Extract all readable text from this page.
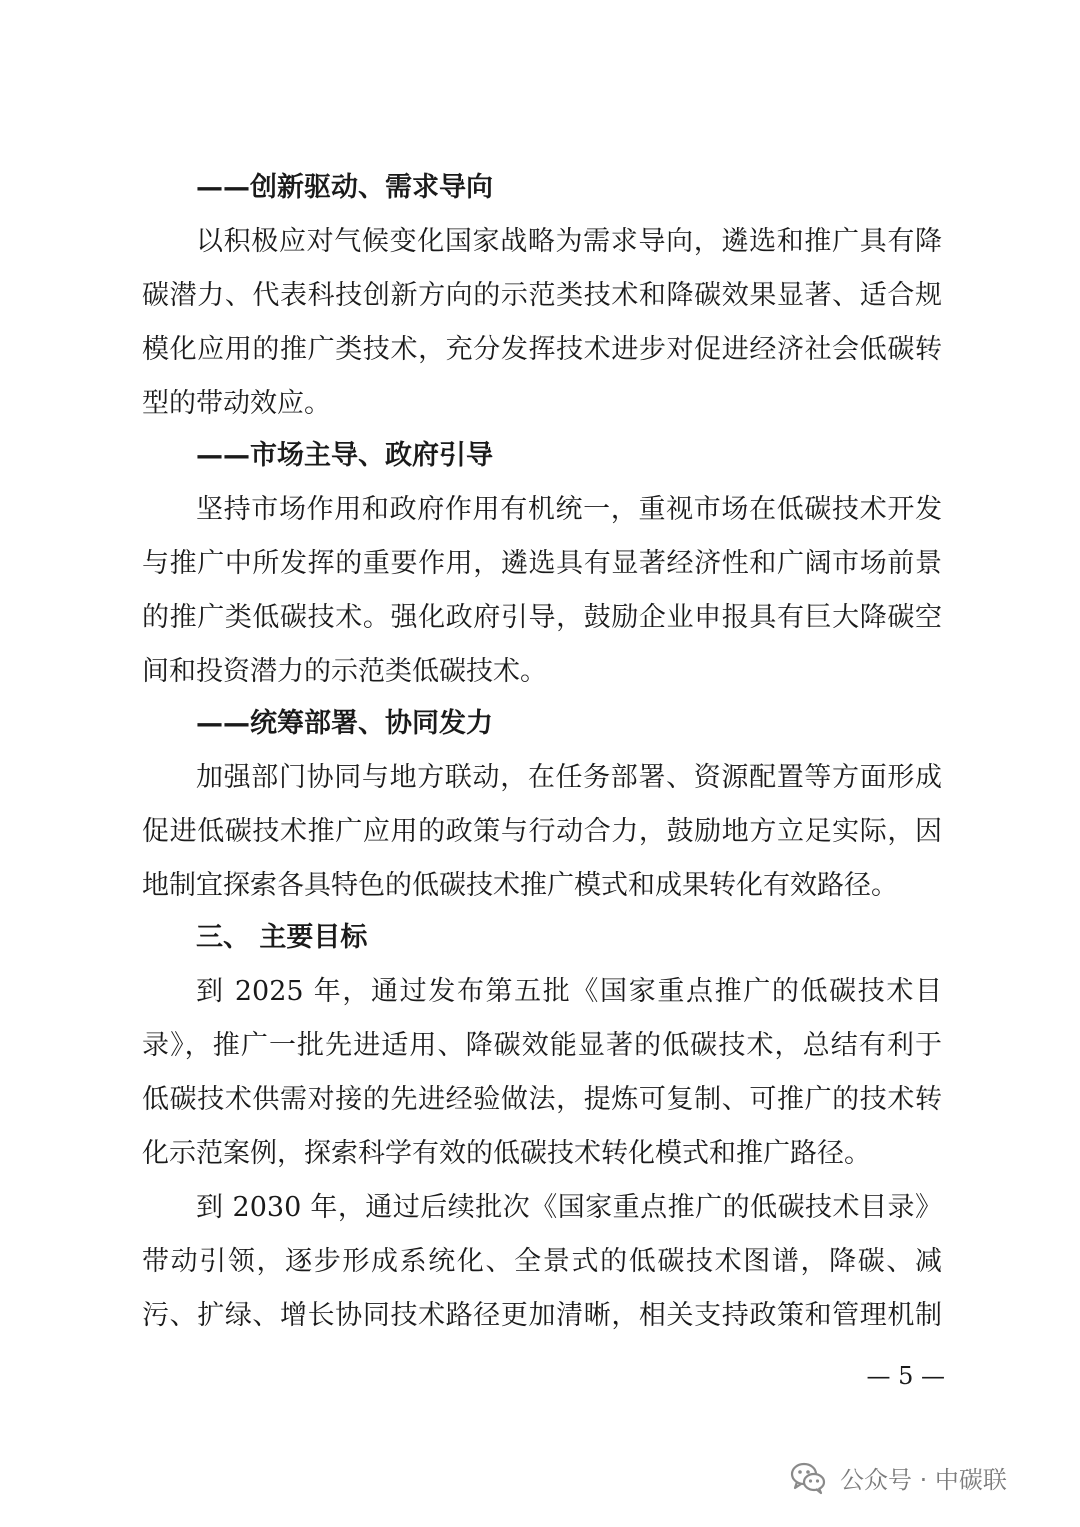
——创新驱动、需求导向
以积极应对气候变化国家战略为需求导向，遴选和推广具有降
碳潜力、代表科技创新方向的示范类技术和降碳效果显著、适合规
模化应用的推广类技术，充分发挥技术进步对促进经济社会低碳转
型的带动效应。
——市场主导、政府引导
坚持市场作用和政府作用有机统一，重视市场在低碳技术开发
与推广中所发挥的重要作用，遴选具有显著经济性和广阔市场前景
的推广类低碳技术。强化政府引导，鼓励企业申报具有巨大降碳空
间和投资潜力的示范类低碳技术。
——统筹部署、协同发力
加强部门协同与地方联动，在任务部署、资源配置等方面形成
促进低碳技术推广应用的政策与行动合力，鼓励地方立足实际，因
地制宜探索各具特色的低碳技术推广模式和成果转化有效路径。
三、 主要目标
到 2025 年，通过发布第五批《国家重点推广的低碳技术目
录》，推广一批先进适用、降碳效能显著的低碳技术，总结有利于
低碳技术供需对接的先进经验做法，提炼可复制、可推广的技术转
化示范案例，探索科学有效的低碳技术转化模式和推广路径。
到 2030 年，通过后续批次《国家重点推广的低碳技术目录》
带动引领，逐步形成系统化、全景式的低碳技术图谱，降碳、减
污、扩绿、增长协同技术路径更加清晰，相关支持政策和管理机制
— 5 —
公众号 · 中碳联
